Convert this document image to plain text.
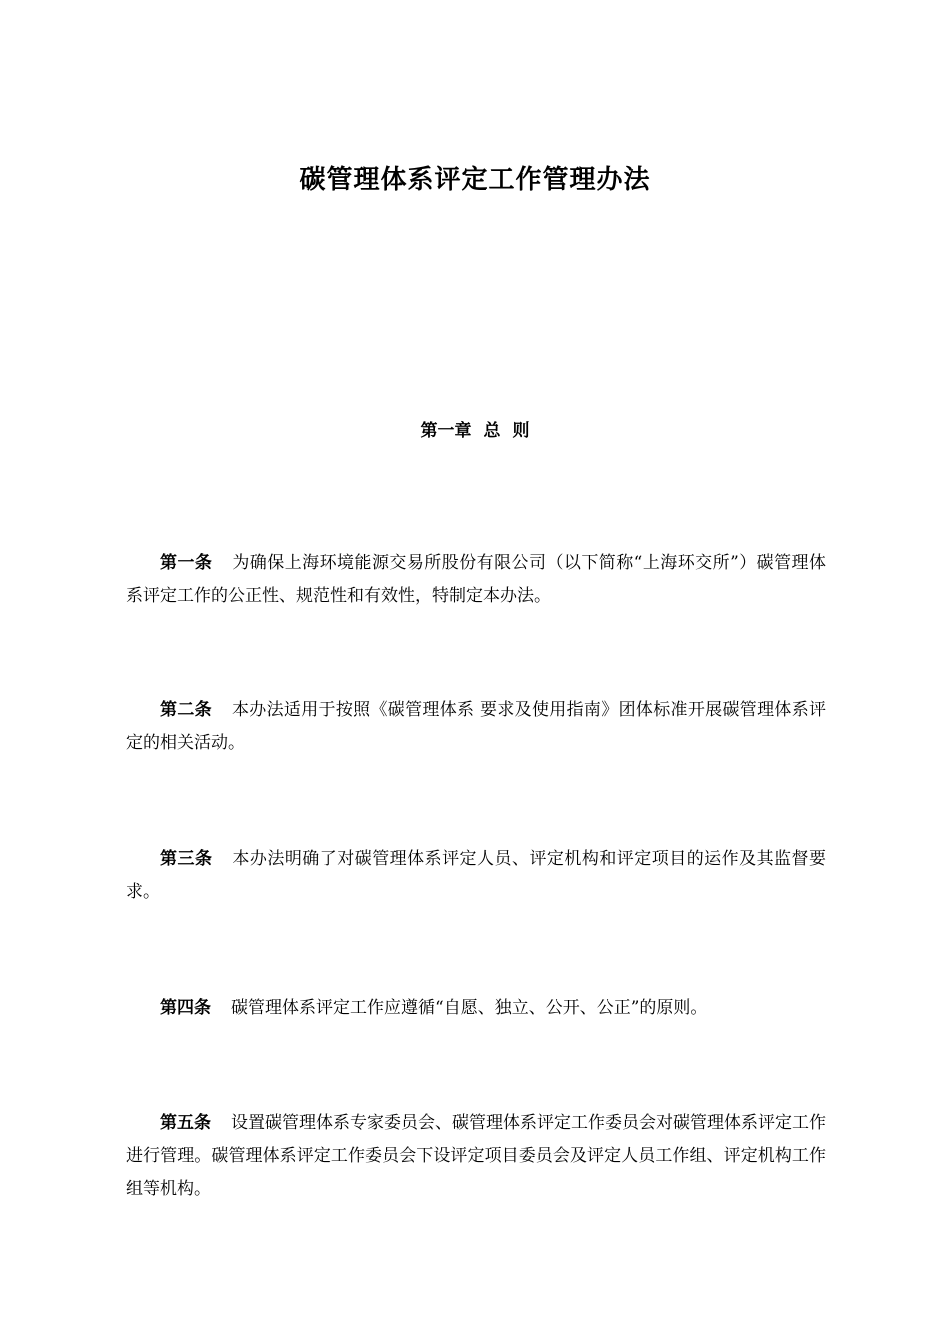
碳管理体系评定工作管理办法
第一章 总 则

第一条 为确保上海环境能源交易所股份有限公司（以下简称“上海环交所”）碳管理体系评定工作的公正性、规范性和有效性，特制定本办法。

第二条 本办法适用于按照《碳管理体系 要求及使用指南》团体标准开展碳管理体系评定的相关活动。

第三条 本办法明确了对碳管理体系评定人员、评定机构和评定项目的运作及其监督要求。

第四条 碳管理体系评定工作应遵循“自愿、独立、公开、公正”的原则。

第五条 设置碳管理体系专家委员会、碳管理体系评定工作委员会对碳管理体系评定工作进行管理。碳管理体系评定工作委员会下设评定项目委员会及评定人员工作组、评定机构工作组等机构。
